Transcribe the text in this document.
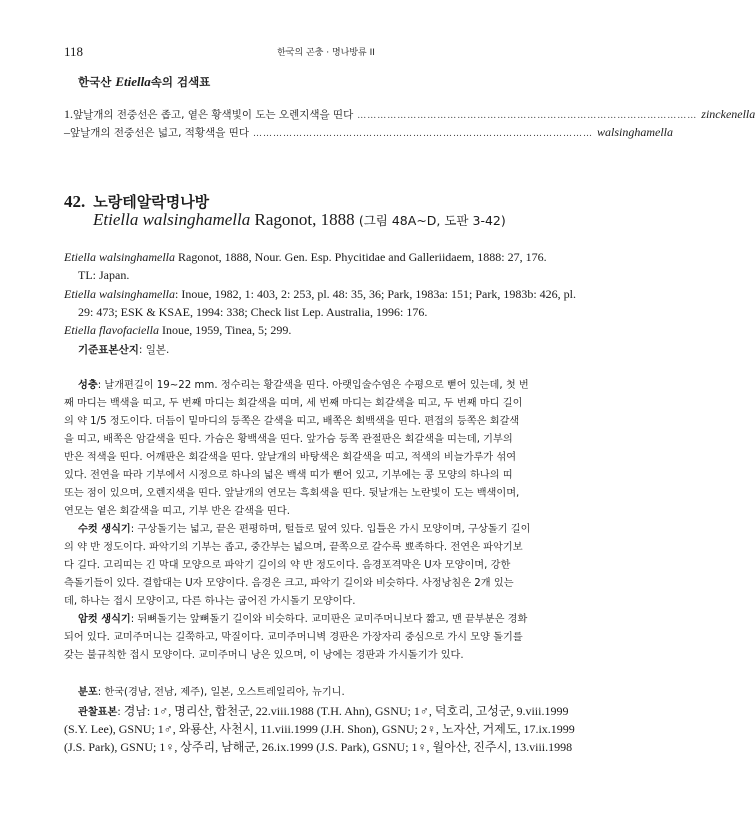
118	한국의 곤충 · 명나방류 II
한국산 Etiella속의 검색표
1. 앞날개의 전중선은 좁고, 옅은 황색빛이 도는 오렌지색을 띤다 ………………………………………………………………………………………… zinckenella
– 앞날개의 전중선은 넓고, 적황색을 띤다 ………………………………………………………………………………………… walsinghamella
42. 노랑테알락명나방
Etiella walsinghamella Ragonot, 1888 (그림 48A~D, 도판 3-42)
Etiella walsinghamella Ragonot, 1888, Nour. Gen. Esp. Phycitidae and Galleriidaem, 1888: 27, 176.
TL: Japan.
Etiella walsinghamella: Inoue, 1982, 1: 403, 2: 253, pl. 48: 35, 36; Park, 1983a: 151; Park, 1983b: 426, pl.
29: 473; ESK & KSAE, 1994: 338; Check list Lep. Australia, 1996: 176.
Etiella flavofaciella Inoue, 1959, Tinea, 5; 299.
기준표본산지: 일본.
성충: 날개편길이 19~22 mm. 정수리는 황갈색을 띤다. 아랫입술수염은 수평으로 뻗어 있는데, 첫 번
째 마디는 백색을 띠고, 두 번째 마디는 회갈색을 띠며, 세 번째 마디는 회갈색을 띠고, 두 번째 마디 길이
의 약 1/5 정도이다. 더듬이 밑마디의 등쪽은 갈색을 띠고, 배쪽은 회백색을 띤다. 편접의 등쪽은 회갈색
을 띠고, 배쪽은 암갈색을 띤다. 가슴은 황백색을 띤다. 앞가슴 등쪽 관절판은 회갈색을 띠는데, 기부의
반은 적색을 띤다. 어깨판은 회갈색을 띤다. 앞날개의 바탕색은 회갈색을 띠고, 적색의 비늘가루가 섞여
있다. 전연을 따라 기부에서 시정으로 하나의 넓은 백색 띠가 뻗어 있고, 기부에는 콩 모양의 하나의 띠
또는 점이 있으며, 오렌지색을 띤다. 앞날개의 연모는 흑회색을 띤다. 뒷날개는 노란빛이 도는 백색이며,
연모는 옅은 회갈색을 띠고, 기부 반은 갈색을 띤다.
수컷 생식기: 구상돌기는 넓고, 끝은 편평하며, 털들로 덮여 있다. 입틀은 가시 모양이며, 구상돌기 길이
의 약 반 정도이다. 파악기의 기부는 좁고, 중간부는 넓으며, 끝쪽으로 갈수록 뾰족하다. 전연은 파악기보
다 길다. 고리띠는 긴 막대 모양으로 파악기 길이의 약 반 정도이다. 음경포격막은 U자 모양이며, 강한
측돌기들이 있다. 결합대는 U자 모양이다. 음경은 크고, 파악기 길이와 비슷하다. 사정낭침은 2개 있는
데, 하나는 접시 모양이고, 다른 하나는 굽어진 가시돌기 모양이다.
암컷 생식기: 뒤뼈돌기는 앞뼈돌기 길이와 비슷하다. 교미판은 교미주머니보다 짧고, 맨 끝부분은 경화
되어 있다. 교미주머니는 길쭉하고, 막질이다. 교미주머니벽 경판은 가장자리 중심으로 가시 모양 돌기를
갖는 불규칙한 접시 모양이다. 교미주머니 낭은 있으며, 이 낭에는 경판과 가시돌기가 있다.
분포: 한국(경남, 전남, 제주), 일본, 오스트레일리아, 뉴기니.
관찰표본: 경남: 1♂, 명리산, 합천군, 22.viii.1988 (T.H. Ahn), GSNU; 1♂, 덕호리, 고성군, 9.viii.1999
(S.Y. Lee), GSNU; 1♂, 와룡산, 사천시, 11.viii.1999 (J.H. Shon), GSNU; 2♀, 노자산, 거제도, 17.ix.1999
(J.S. Park), GSNU; 1♀, 상주리, 남해군, 26.ix.1999 (J.S. Park), GSNU; 1♀, 월아산, 진주시, 13.viii.1998
